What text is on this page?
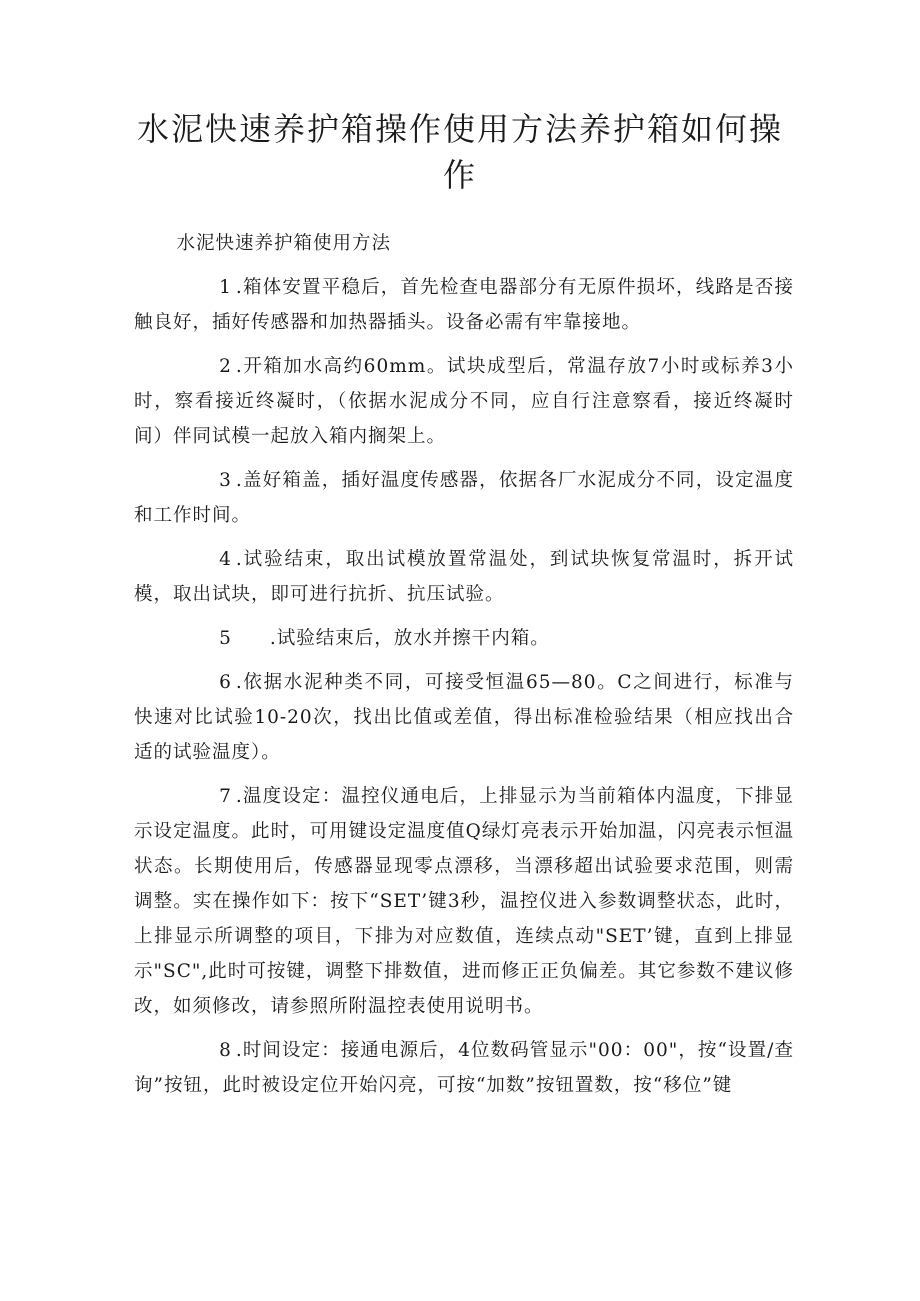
水泥快速养护箱操作使用方法养护箱如何操作

水泥快速养护箱使用方法

1 .箱体安置平稳后，首先检查电器部分有无原件损坏，线路是否接触良好，插好传感器和加热器插头。设备必需有牢靠接地。

2 .开箱加水高约60mm。试块成型后，常温存放7小时或标养3小时，察看接近终凝时，（依据水泥成分不同，应自行注意察看，接近终凝时间）伴同试模一起放入箱内搁架上。

3 .盖好箱盖，插好温度传感器，依据各厂水泥成分不同，设定温度和工作时间。

4 .试验结束，取出试模放置常温处，到试块恢复常温时，拆开试模，取出试块，即可进行抗折、抗压试验。

5 .试验结束后，放水并擦干内箱。

6 .依据水泥种类不同，可接受恒温65—80。C之间进行，标准与快速对比试验10-20次，找出比值或差值，得出标准检验结果（相应找出合适的试验温度）。

7 .温度设定：温控仪通电后，上排显示为当前箱体内温度，下排显示设定温度。此时，可用键设定温度值Q绿灯亮表示开始加温，闪亮表示恒温状态。长期使用后，传感器显现零点漂移，当漂移超出试验要求范围，则需调整。实在操作如下：按下“SET’键3秒，温控仪进入参数调整状态，此时，上排显示所调整的项目，下排为对应数值，连续点动"SET’键，直到上排显示"SC",此时可按键，调整下排数值，进而修正正负偏差。其它参数不建议修改，如须修改，请参照所附温控表使用说明书。

8 .时间设定：接通电源后，4位数码管显示"00：00"，按“设置/查询”按钮，此时被设定位开始闪亮，可按“加数”按钮置数，按“移位”键
